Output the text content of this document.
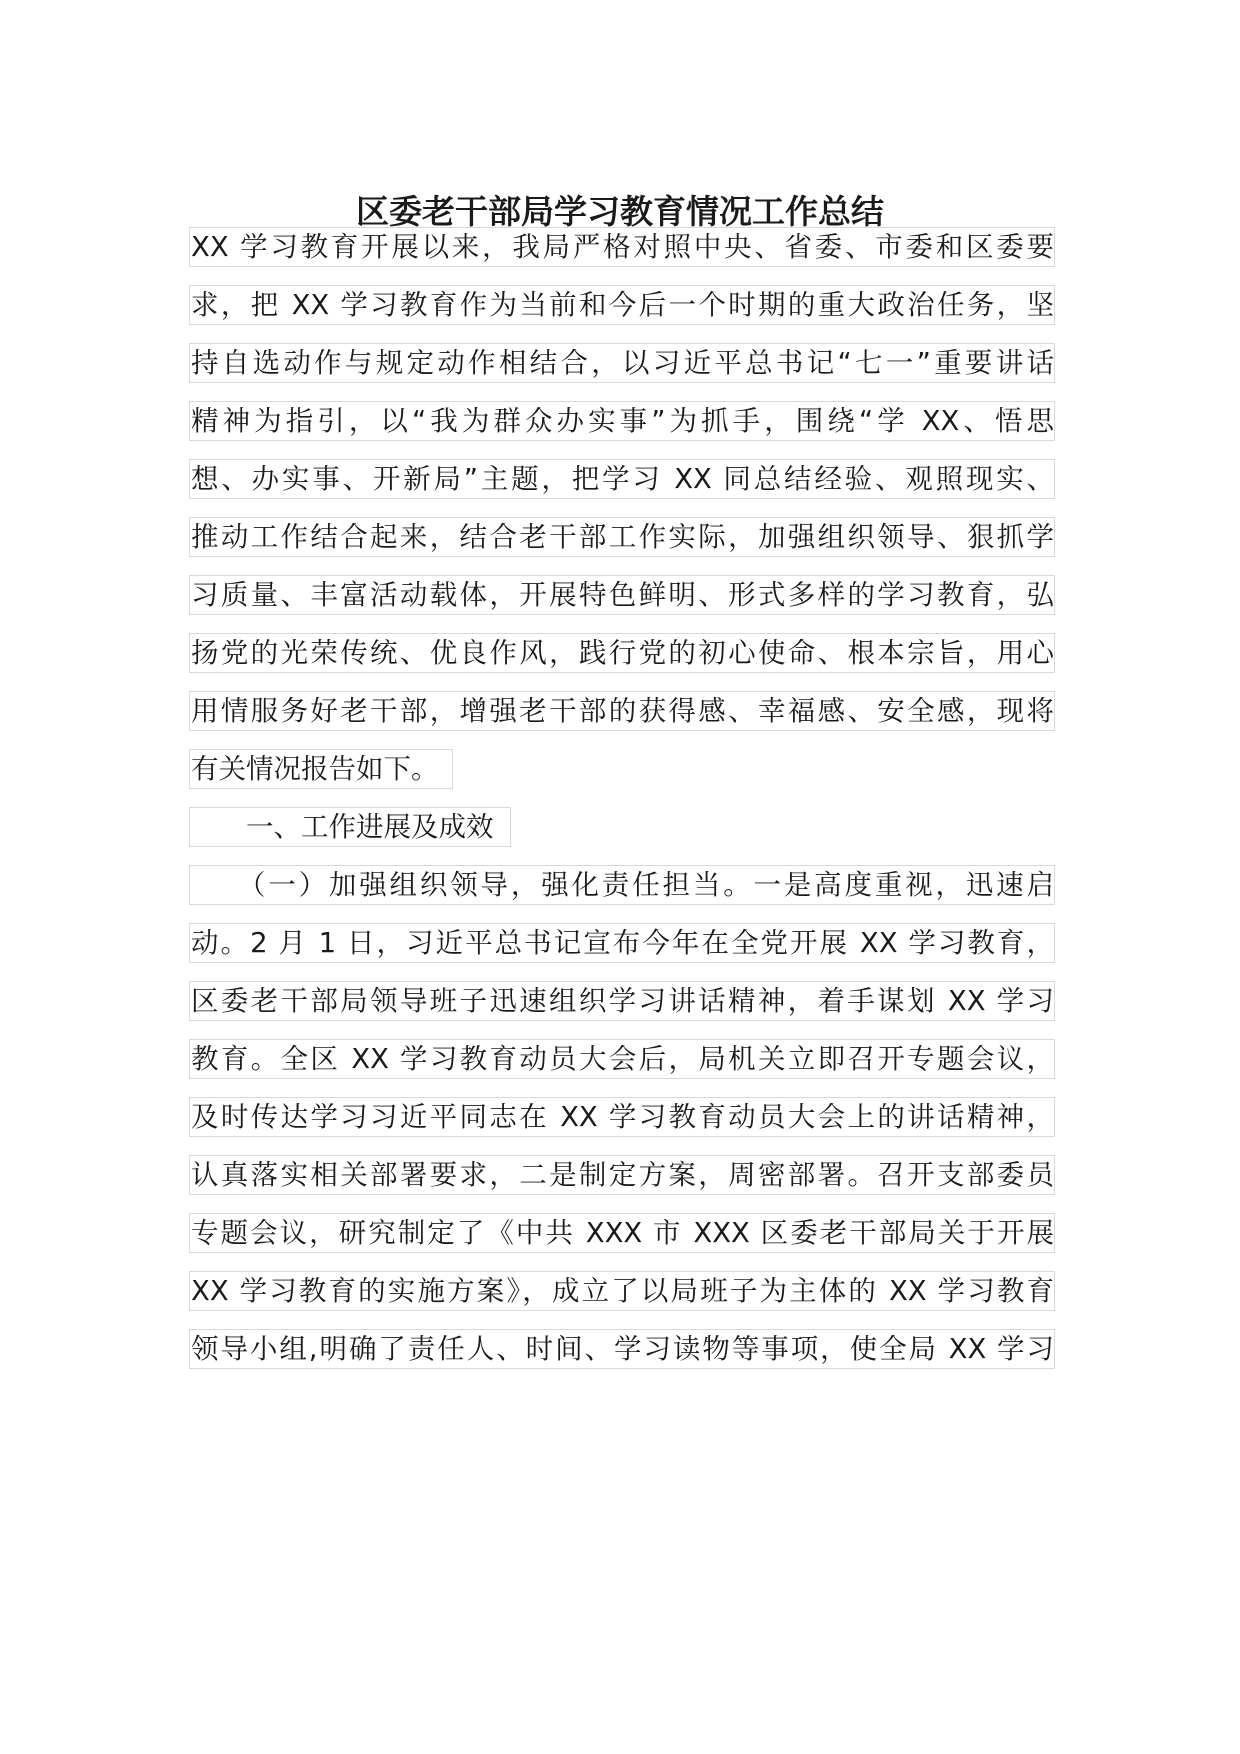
区委老干部局学习教育情况工作总结
XX 学习教育开展以来，我局严格对照中央、省委、市委和区委要
求，把 XX 学习教育作为当前和今后一个时期的重大政治任务，坚
持自选动作与规定动作相结合，以习近平总书记“七一”重要讲话
精神为指引，以“我为群众办实事”为抓手，围绕“学 XX、悟思
想、办实事、开新局”主题，把学习 XX 同总结经验、观照现实、
推动工作结合起来，结合老干部工作实际，加强组织领导、狠抓学
习质量、丰富活动载体，开展特色鲜明、形式多样的学习教育，弘
扬党的光荣传统、优良作风，践行党的初心使命、根本宗旨，用心
用情服务好老干部，增强老干部的获得感、幸福感、安全感，现将
有关情况报告如下。
　　一、工作进展及成效
　　（一）加强组织领导，强化责任担当。一是高度重视，迅速启
动。2 月 1 日，习近平总书记宣布今年在全党开展 XX 学习教育，
区委老干部局领导班子迅速组织学习讲话精神，着手谋划 XX 学习
教育。全区 XX 学习教育动员大会后，局机关立即召开专题会议，
及时传达学习习近平同志在 XX 学习教育动员大会上的讲话精神，
认真落实相关部署要求，二是制定方案，周密部署。召开支部委员
专题会议，研究制定了《中共 XXX 市 XXX 区委老干部局关于开展
XX 学习教育的实施方案》，成立了以局班子为主体的 XX 学习教育
领导小组,明确了责任人、时间、学习读物等事项，使全局 XX 学习
